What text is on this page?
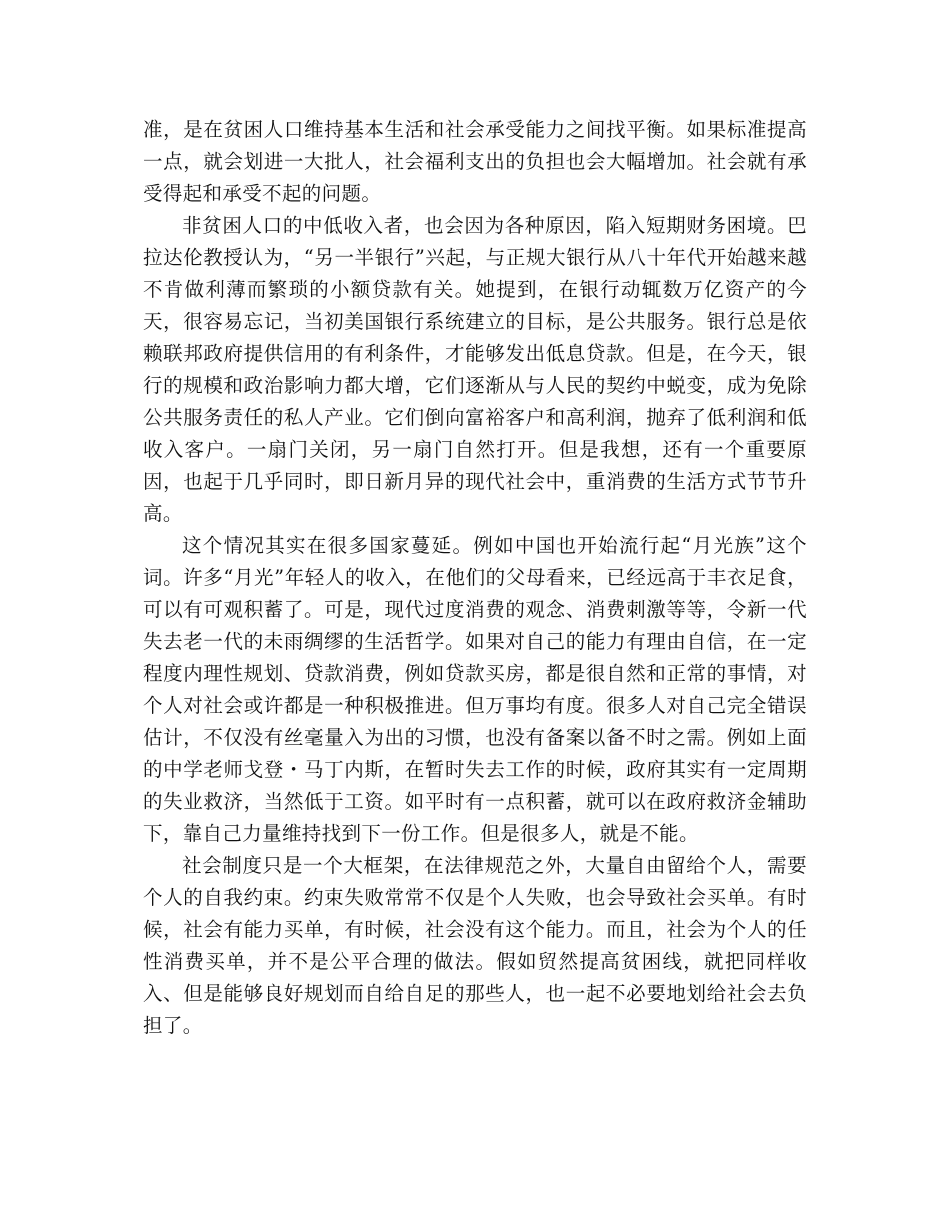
准，是在贫困人口维持基本生活和社会承受能力之间找平衡。如果标准提高一点，就会划进一大批人，社会福利支出的负担也会大幅增加。社会就有承受得起和承受不起的问题。

非贫困人口的中低收入者，也会因为各种原因，陷入短期财务困境。巴拉达伦教授认为，“另一半银行”兴起，与正规大银行从八十年代开始越来越不肯做利薄而繁琐的小额贷款有关。她提到，在银行动辄数万亿资产的今天，很容易忘记，当初美国银行系统建立的目标，是公共服务。银行总是依赖联邦政府提供信用的有利条件，才能够发出低息贷款。但是，在今天，银行的规模和政治影响力都大增，它们逐渐从与人民的契约中蜕变，成为免除公共服务责任的私人产业。它们倒向富裕客户和高利润，抛弃了低利润和低收入客户。一扇门关闭，另一扇门自然打开。但是我想，还有一个重要原因，也起于几乎同时，即日新月异的现代社会中，重消费的生活方式节节升高。

这个情况其实在很多国家蔓延。例如中国也开始流行起“月光族”这个词。许多“月光”年轻人的收入，在他们的父母看来，已经远高于丰衣足食，可以有可观积蓄了。可是，现代过度消费的观念、消费刺激等等，令新一代失去老一代的未雨绸缪的生活哲学。如果对自己的能力有理由自信，在一定程度内理性规划、贷款消费，例如贷款买房，都是很自然和正常的事情，对个人对社会或许都是一种积极推进。但万事均有度。很多人对自己完全错误估计，不仅没有丝毫量入为出的习惯，也没有备案以备不时之需。例如上面的中学老师戈登・马丁内斯，在暂时失去工作的时候，政府其实有一定周期的失业救济，当然低于工资。如平时有一点积蓄，就可以在政府救济金辅助下，靠自己力量维持找到下一份工作。但是很多人，就是不能。

社会制度只是一个大框架，在法律规范之外，大量自由留给个人，需要个人的自我约束。约束失败常常不仅是个人失败，也会导致社会买单。有时候，社会有能力买单，有时候，社会没有这个能力。而且，社会为个人的任性消费买单，并不是公平合理的做法。假如贸然提高贫困线，就把同样收入、但是能够良好规划而自给自足的那些人，也一起不必要地划给社会去负担了。
